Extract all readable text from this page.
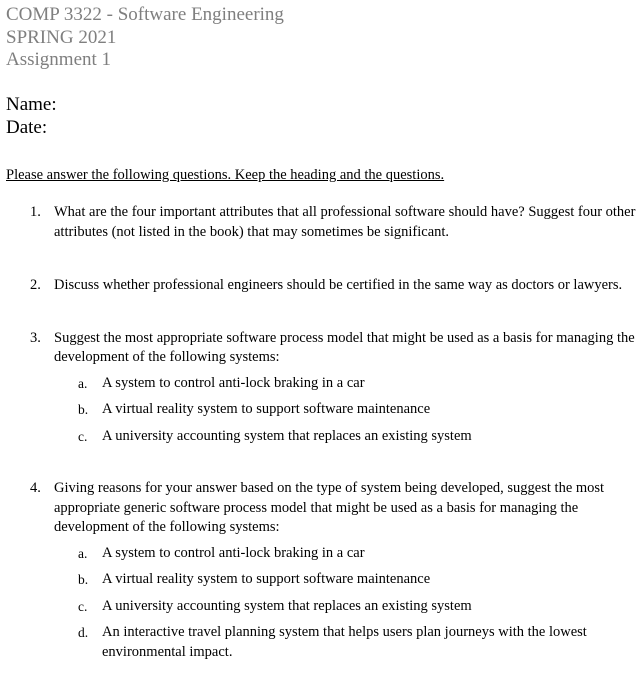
COMP 3322 - Software Engineering
SPRING 2021
Assignment 1
Name:
Date:
Please answer the following questions. Keep the heading and the questions.
1. What are the four important attributes that all professional software should have? Suggest four other attributes (not listed in the book) that may sometimes be significant.
2. Discuss whether professional engineers should be certified in the same way as doctors or lawyers.
3. Suggest the most appropriate software process model that might be used as a basis for managing the development of the following systems:
a. A system to control anti-lock braking in a car
b. A virtual reality system to support software maintenance
c. A university accounting system that replaces an existing system
4. Giving reasons for your answer based on the type of system being developed, suggest the most appropriate generic software process model that might be used as a basis for managing the development of the following systems:
a. A system to control anti-lock braking in a car
b. A virtual reality system to support software maintenance
c. A university accounting system that replaces an existing system
d. An interactive travel planning system that helps users plan journeys with the lowest environmental impact.
